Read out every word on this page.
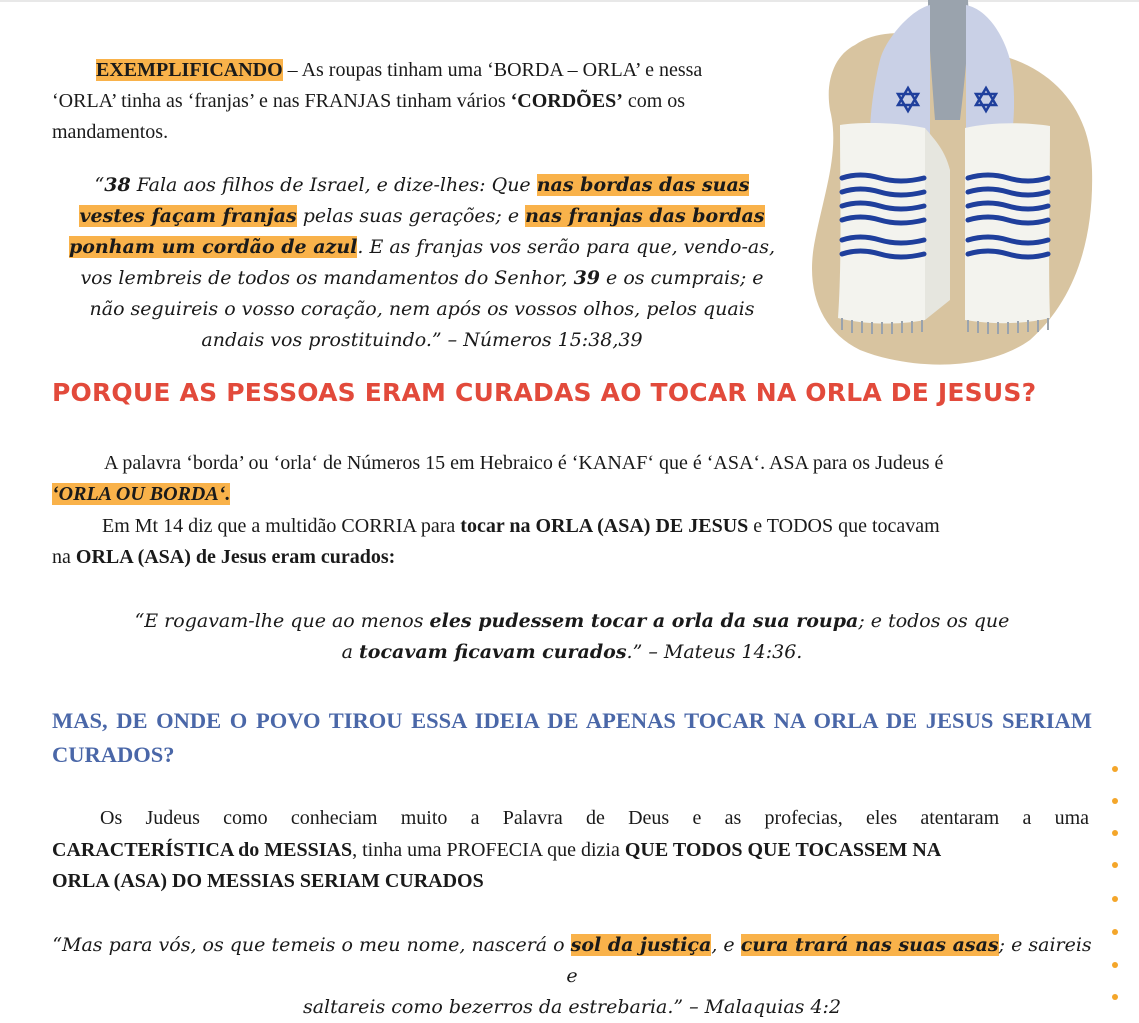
EXEMPLIFICANDO – As roupas tinham uma ‘BORDA – ORLA’ e nessa

‘ORLA’ tinha as ‘franjas’ e nas FRANJAS tinham vários ‘CORDÕES’ com os

mandamentos.

“38 Fala aos filhos de Israel, e dize-lhes: Que nas bordas das suas

vestes façam franjas pelas suas gerações; e nas franjas das bordas

ponham um cordão de azul. E as franjas vos serão para que, vendo-as,

vos lembreis de todos os mandamentos do Senhor, 39 e os cumprais; e

não seguireis o vosso coração, nem após os vossos olhos, pelos quais

andais vos prostituindo.” – Números 15:38,39

PORQUE AS PESSOAS ERAM CURADAS AO TOCAR NA ORLA DE JESUS?

A palavra ‘borda’ ou ‘orla‘ de Números 15 em Hebraico é ‘KANAF‘ que é ‘ASA‘. ASA para os Judeus é

‘ORLA OU BORDA‘.

Em Mt 14 diz que a multidão CORRIA para tocar na ORLA (ASA) DE JESUS e TODOS que tocavam

na ORLA (ASA) de Jesus eram curados:

“E rogavam-lhe que ao menos eles pudessem tocar a orla da sua roupa; e todos os que

a tocavam ficavam curados.” – Mateus 14:36.

MAS, DE ONDE O POVO TIROU ESSA IDEIA DE APENAS TOCAR NA ORLA DE JESUS SERIAM CURADOS?

Os Judeus como conheciam muito a Palavra de Deus e as profecias, eles atentaram a uma

CARACTERÍSTICA do MESSIAS, tinha uma PROFECIA que dizia QUE TODOS QUE TOCASSEM NA

ORLA (ASA) DO MESSIAS SERIAM CURADOS

“Mas para vós, os que temeis o meu nome, nascerá o sol da justiça, e cura trará nas suas asas; e saireis e

saltareis como bezerros da estrebaria.” – Malaquias 4:2
